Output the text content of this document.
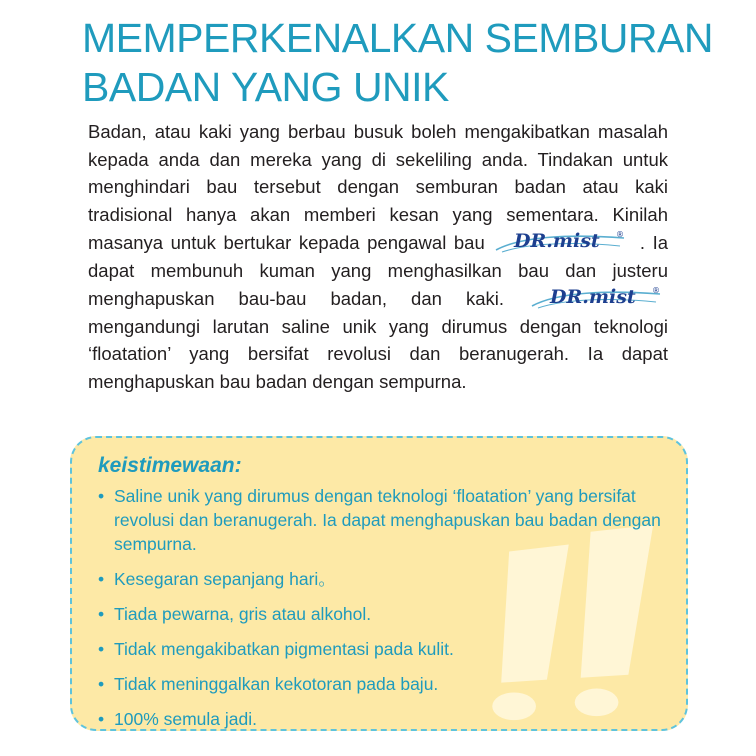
MEMPERKENALKAN SEMBURAN
BADAN YANG UNIK

Badan, atau kaki yang berbau busuk boleh mengakibatkan masalah kepada anda dan mereka yang di sekeliling anda. Tindakan untuk menghindari bau tersebut dengan semburan badan atau kaki tradisional hanya akan memberi kesan yang sementara. Kinilah masanya untuk bertukar kepada pengawal bau DR.mist ® . Ia dapat membunuh kuman yang menghasilkan bau dan justeru menghapuskan bau-bau badan, dan kaki. DR.mist ®
mengandungi larutan saline unik yang dirumus dengan teknologi ‘floatation’ yang bersifat revolusi dan beranugerah. Ia dapat menghapuskan bau badan dengan sempurna.

keistimewaan:
• Saline unik yang dirumus dengan teknologi ‘floatation’ yang bersifat revolusi dan beranugerah. Ia dapat menghapuskan bau badan dengan sempurna.
• Kesegaran sepanjang hari。
• Tiada pewarna, gris atau alkohol.
• Tidak mengakibatkan pigmentasi pada kulit.
• Tidak meninggalkan kekotoran pada baju.
• 100% semula jadi.
